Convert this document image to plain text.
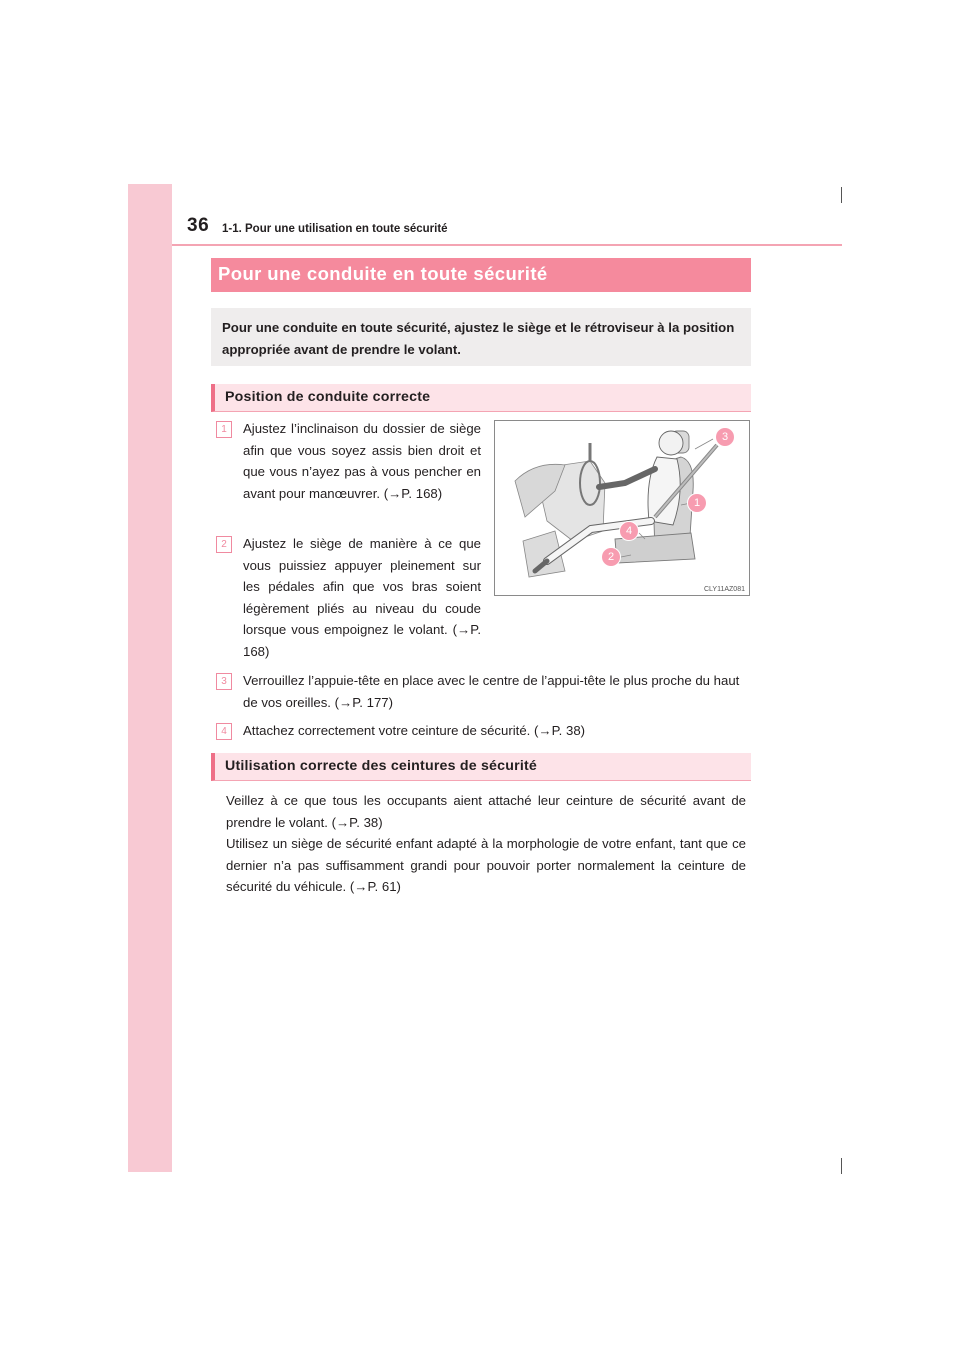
36 1-1. Pour une utilisation en toute sécurité
Pour une conduite en toute sécurité
Pour une conduite en toute sécurité, ajustez le siège et le rétroviseur à la position appropriée avant de prendre le volant.
Position de conduite correcte
1	Ajustez l’inclinaison du dossier de siège afin que vous soyez assis bien droit et que vous n’ayez pas à vous pencher en avant pour manœuvrer. (→P. 168)
2	Ajustez le siège de manière à ce que vous puissiez appuyer pleinement sur les pédales afin que vos bras soient légèrement pliés au niveau du coude lorsque vous empoignez le volant. (→P. 168)
3	Verrouillez l’appuie-tête en place avec le centre de l’appui-tête le plus proche du haut de vos oreilles. (→P. 177)
4	Attachez correctement votre ceinture de sécurité. (→P. 38)
3
1
4
2
CLY11AZ081
Utilisation correcte des ceintures de sécurité
Veillez à ce que tous les occupants aient attaché leur ceinture de sécurité avant de prendre le volant. (→P. 38)
Utilisez un siège de sécurité enfant adapté à la morphologie de votre enfant, tant que ce dernier n’a pas suffisamment grandi pour pouvoir porter normalement la ceinture de sécurité du véhicule. (→P. 61)
